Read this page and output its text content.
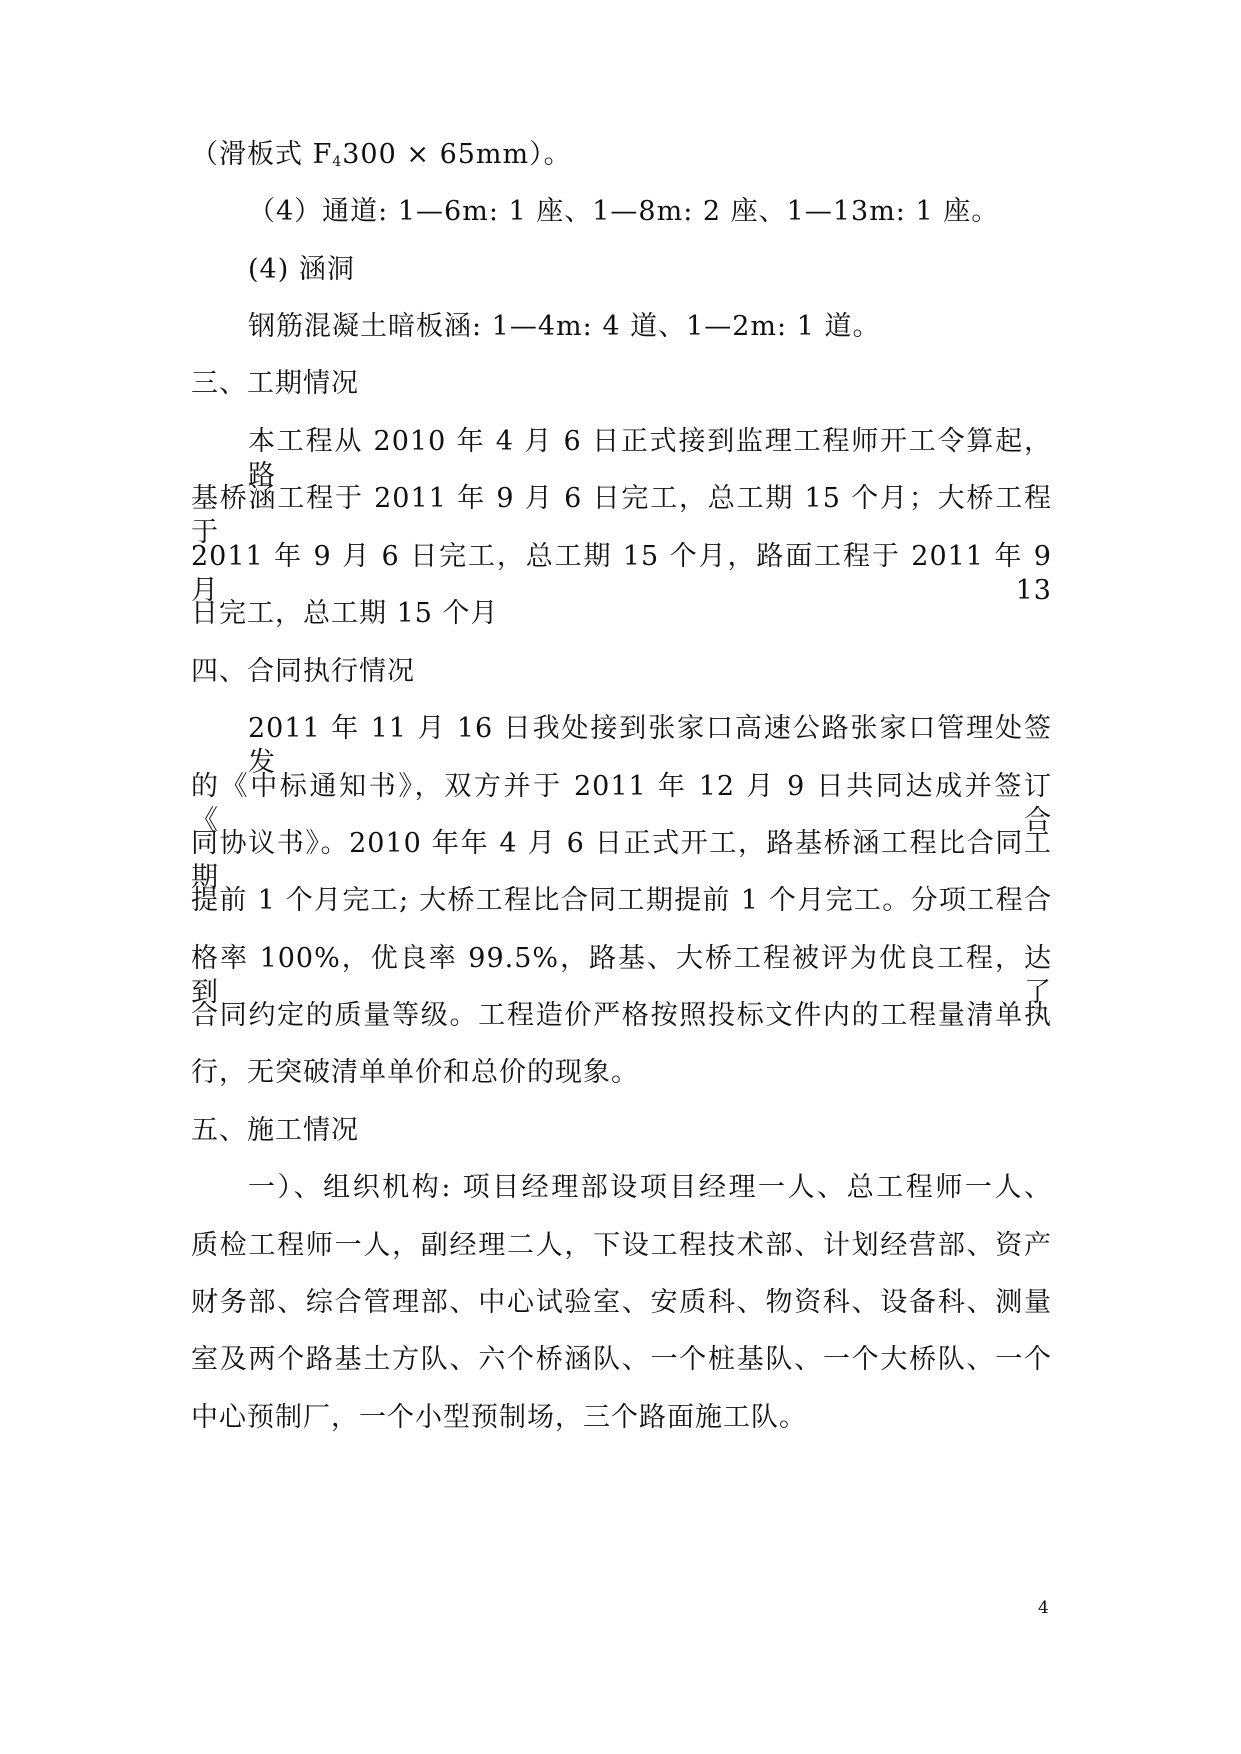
（滑板式 $F_4300 \times 65mm$）。
（4）通道: 1—6m: 1 座、1—8m: 2 座、1—13m: 1 座。
(4) 涵洞
钢筋混凝土暗板涵: 1—4m: 4 道、1—2m: 1 道。
三、工期情况
本工程从 2010 年 4 月 6 日正式接到监理工程师开工令算起，路
基桥涵工程于 2011 年 9 月 6 日完工，总工期 15 个月；大桥工程于
2011 年 9 月 6 日完工，总工期 15 个月，路面工程于 2011 年 9 月 13
日完工，总工期 15 个月
四、合同执行情况
2011 年 11 月 16 日我处接到张家口高速公路张家口管理处签发
的《中标通知书》，双方并于 2011 年 12 月 9 日共同达成并签订《合
同协议书》。2010 年年 4 月 6 日正式开工，路基桥涵工程比合同工期
提前 1 个月完工; 大桥工程比合同工期提前 1 个月完工。分项工程合
格率 100%，优良率 99.5%，路基、大桥工程被评为优良工程，达到了
合同约定的质量等级。工程造价严格按照投标文件内的工程量清单执
行，无突破清单单价和总价的现象。
五、施工情况
一）、组织机构: 项目经理部设项目经理一人、总工程师一人、
质检工程师一人，副经理二人，下设工程技术部、计划经营部、资产
财务部、综合管理部、中心试验室、安质科、物资科、设备科、测量
室及两个路基土方队、六个桥涵队、一个桩基队、一个大桥队、一个
中心预制厂，一个小型预制场，三个路面施工队。
4
